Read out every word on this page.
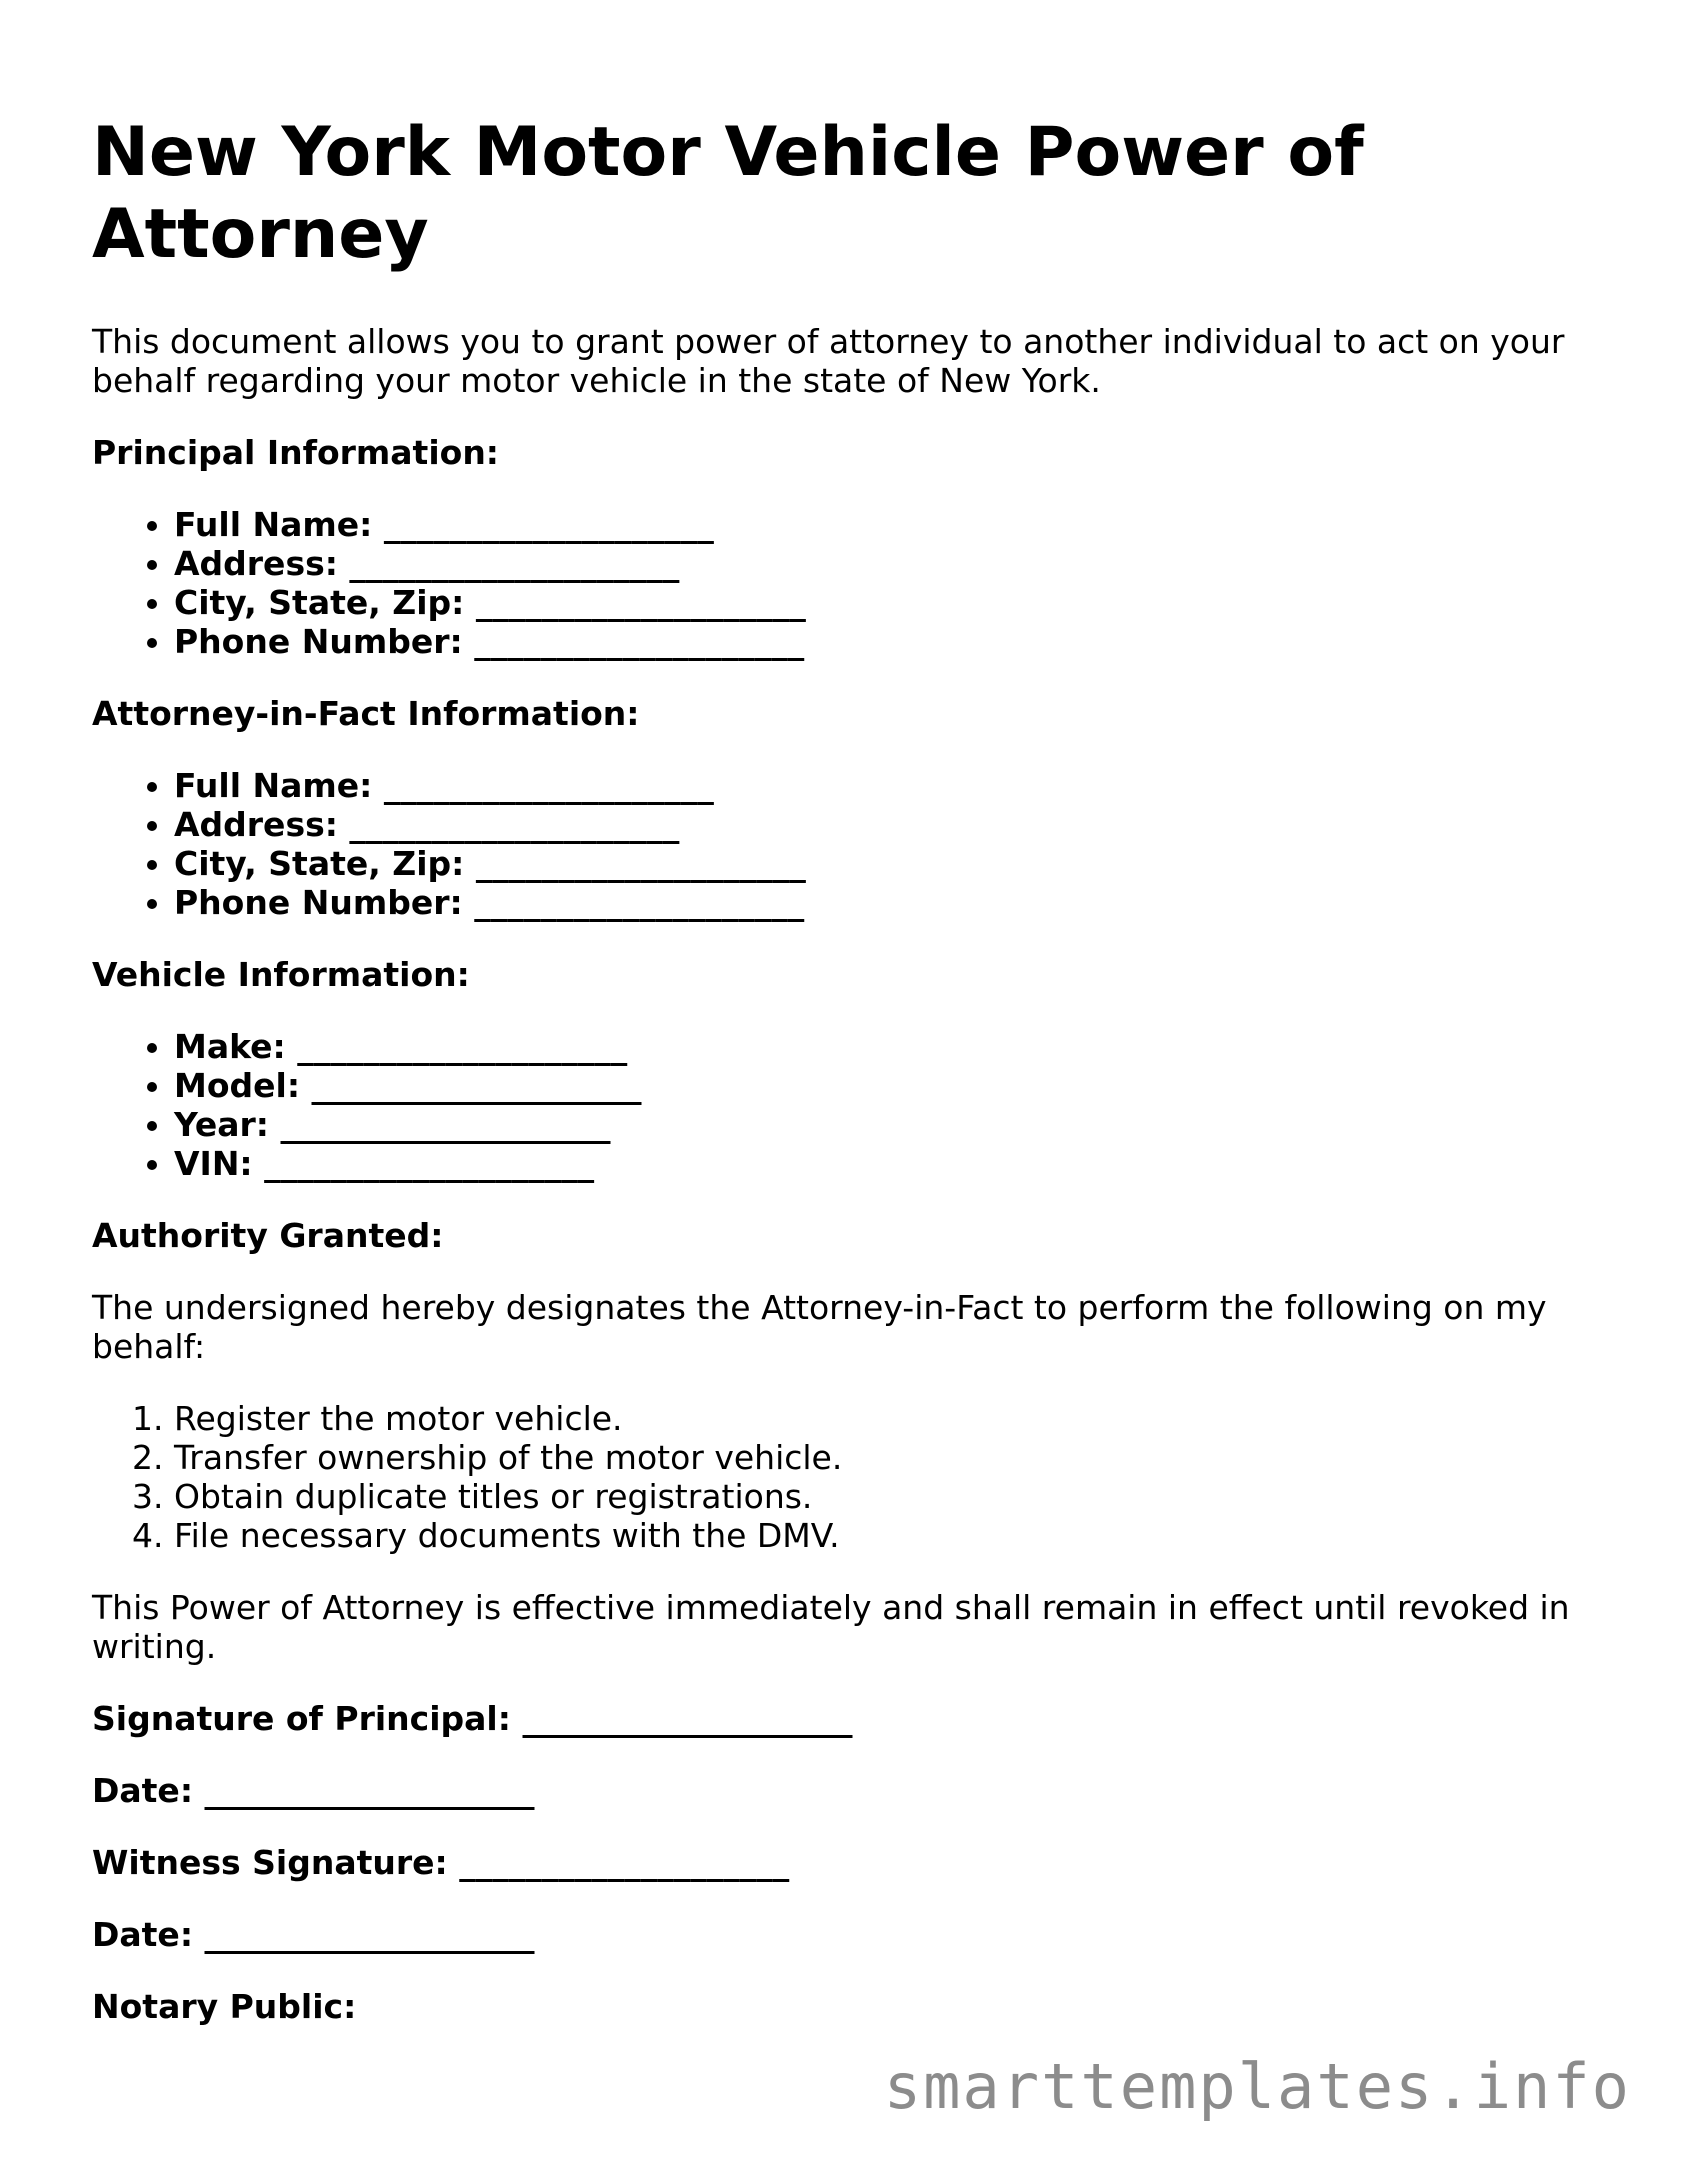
New York Motor Vehicle Power of Attorney

This document allows you to grant power of attorney to another individual to act on your behalf regarding your motor vehicle in the state of New York.

Principal Information:

• Full Name: ____________________
• Address: ____________________
• City, State, Zip: ____________________
• Phone Number: ____________________

Attorney-in-Fact Information:

• Full Name: ____________________
• Address: ____________________
• City, State, Zip: ____________________
• Phone Number: ____________________

Vehicle Information:

• Make: ____________________
• Model: ____________________
• Year: ____________________
• VIN: ____________________

Authority Granted:

The undersigned hereby designates the Attorney-in-Fact to perform the following on my behalf:

1. Register the motor vehicle.
2. Transfer ownership of the motor vehicle.
3. Obtain duplicate titles or registrations.
4. File necessary documents with the DMV.

This Power of Attorney is effective immediately and shall remain in effect until revoked in writing.

Signature of Principal: ____________________

Date: ____________________

Witness Signature: ____________________

Date: ____________________

Notary Public:

smarttemplates.info
